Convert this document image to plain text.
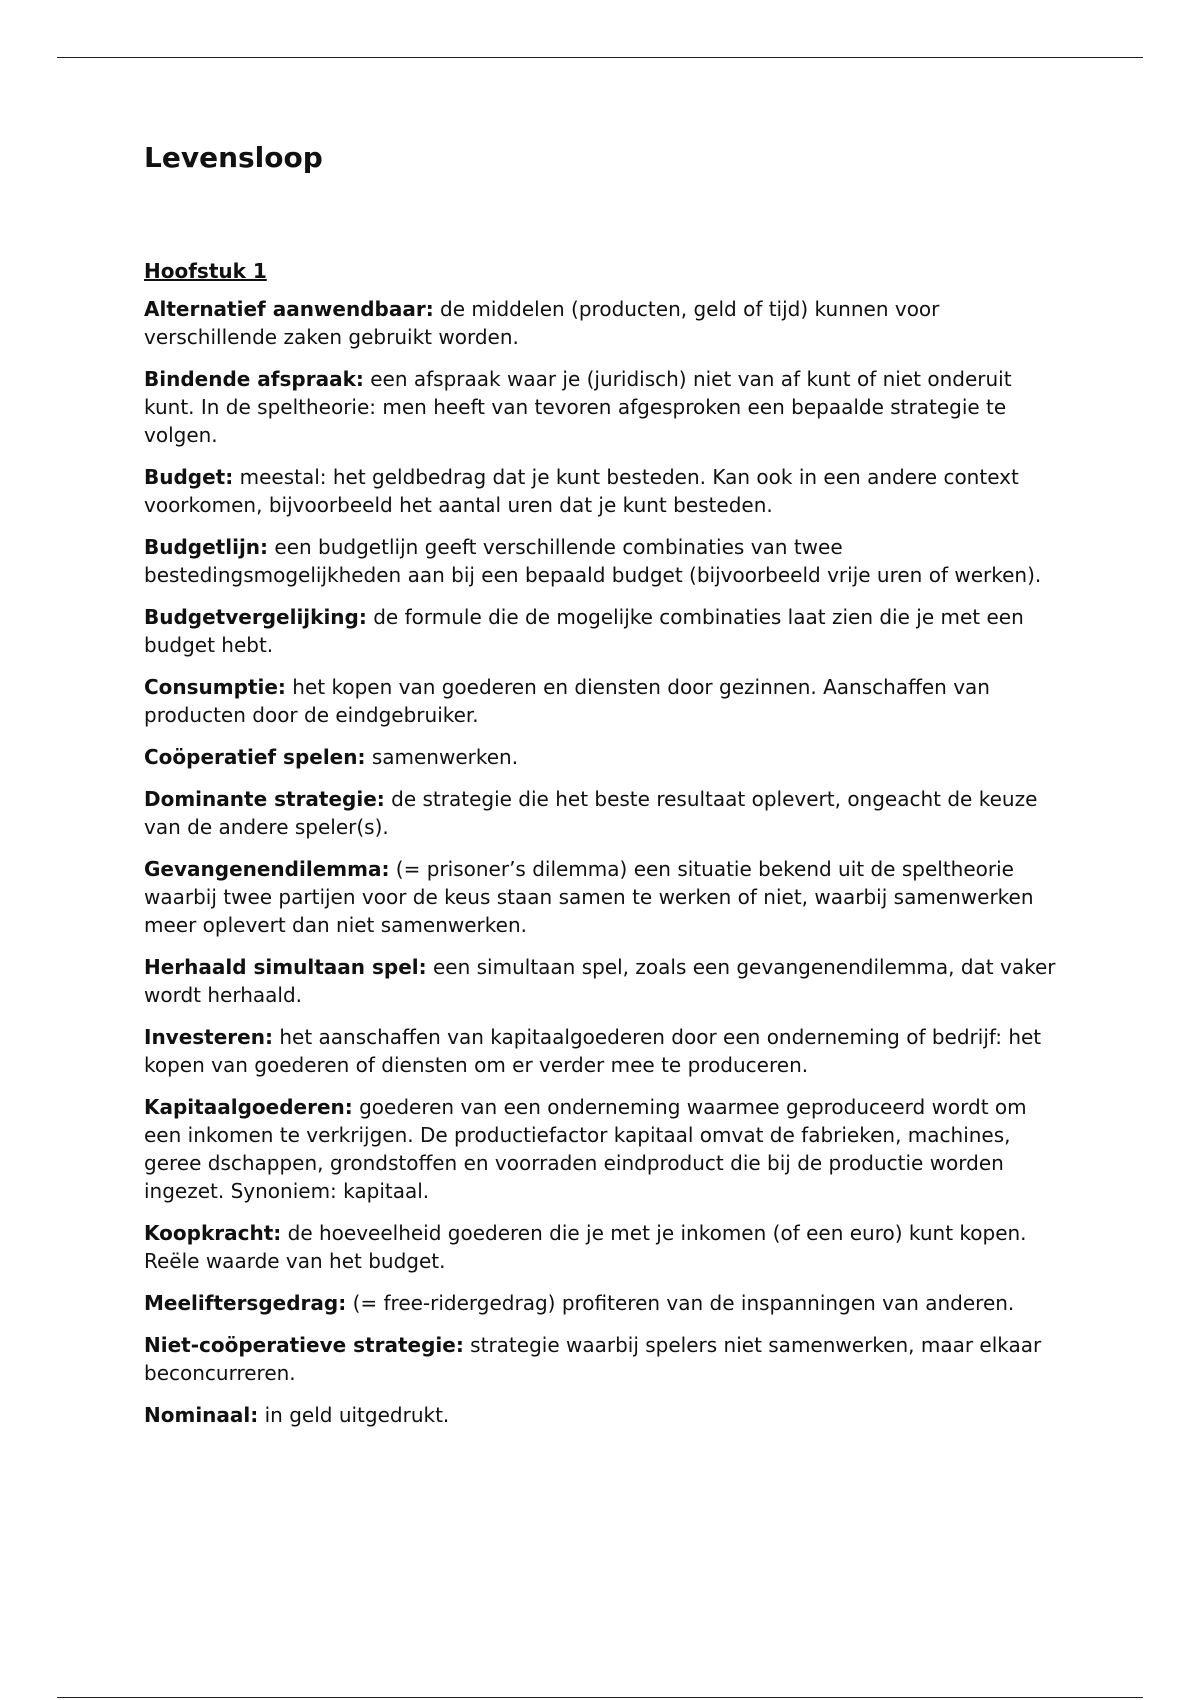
Levensloop
Hoofstuk 1
Alternatief aanwendbaar: de middelen (producten, geld of tijd) kunnen voor verschillende zaken gebruikt worden.
Bindende afspraak: een afspraak waar je (juridisch) niet van af kunt of niet onderuit kunt. In de speltheorie: men heeft van tevoren afgesproken een bepaalde strategie te volgen.
Budget: meestal: het geldbedrag dat je kunt besteden. Kan ook in een andere context voorkomen, bijvoorbeeld het aantal uren dat je kunt besteden.
Budgetlijn: een budgetlijn geeft verschillende combinaties van twee bestedingsmogelijkheden aan bij een bepaald budget (bijvoorbeeld vrije uren of werken).
Budgetvergelijking: de formule die de mogelijke combinaties laat zien die je met een budget hebt.
Consumptie: het kopen van goederen en diensten door gezinnen. Aanschaffen van producten door de eindgebruiker.
Coöperatief spelen: samenwerken.
Dominante strategie: de strategie die het beste resultaat oplevert, ongeacht de keuze van de andere speler(s).
Gevangenendilemma: (= prisoner’s dilemma) een situatie bekend uit de speltheorie waarbij twee partijen voor de keus staan samen te werken of niet, waarbij samenwerken meer oplevert dan niet samenwerken.
Herhaald simultaan spel: een simultaan spel, zoals een gevangenendilemma, dat vaker wordt herhaald.
Investeren: het aanschaffen van kapitaalgoederen door een onderneming of bedrijf: het kopen van goederen of diensten om er verder mee te produceren.
Kapitaalgoederen: goederen van een onderneming waarmee geproduceerd wordt om een inkomen te verkrijgen. De productiefactor kapitaal omvat de fabrieken, machines, geree dschappen, grondstoffen en voorraden eindproduct die bij de productie worden ingezet. Synoniem: kapitaal.
Koopkracht: de hoeveelheid goederen die je met je inkomen (of een euro) kunt kopen. Reële waarde van het budget.
Meeliftersgedrag: (= free-ridergedrag) profiteren van de inspanningen van anderen.
Niet-coöperatieve strategie: strategie waarbij spelers niet samenwerken, maar elkaar beconcurreren.
Nominaal: in geld uitgedrukt.
